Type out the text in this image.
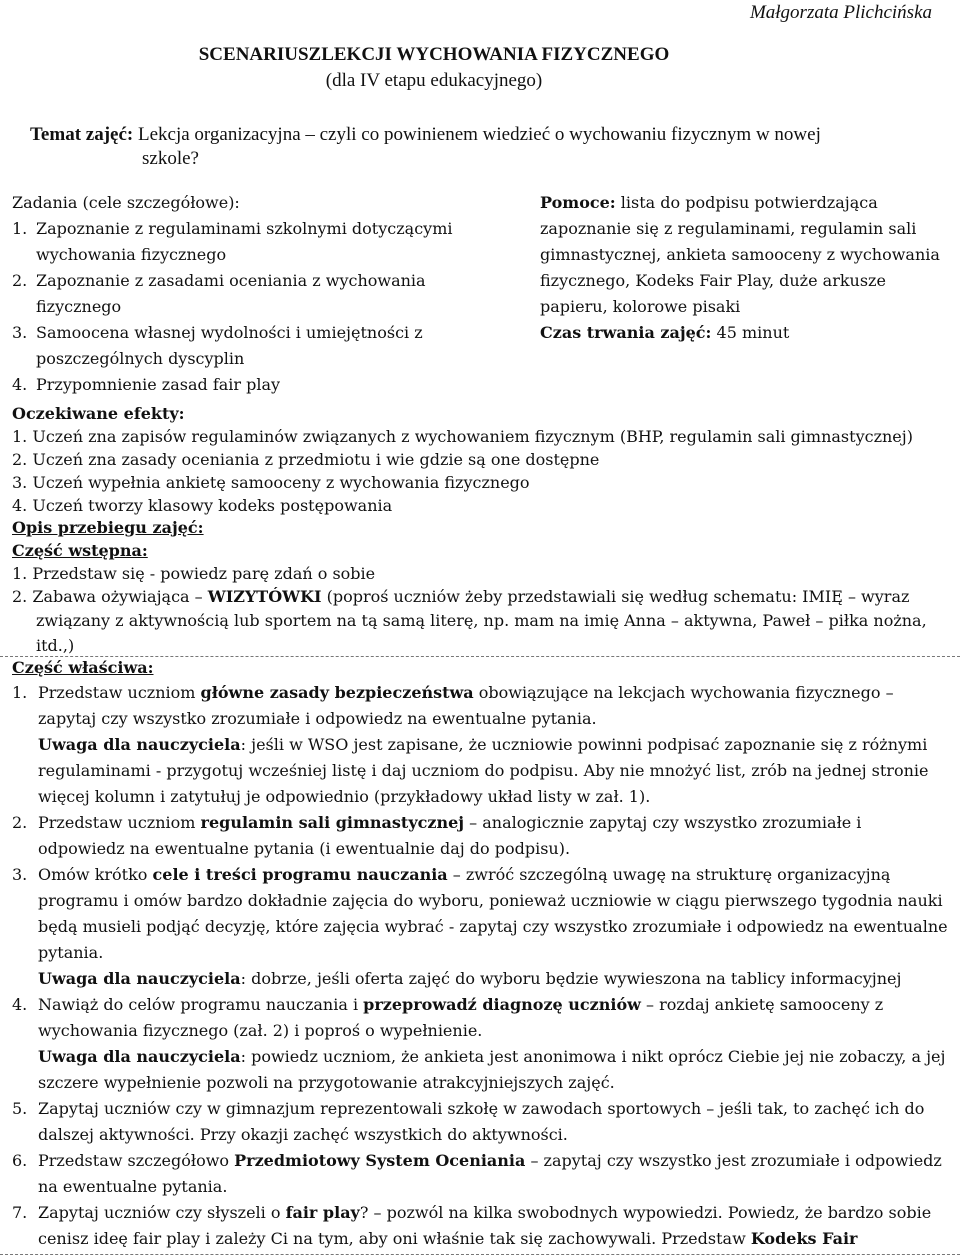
Małgorzata Plichcińska
SCENARIUSZLEKCJI WYCHOWANIA FIZYCZNEGO
(dla IV etapu edukacyjnego)
Temat zajęć: Lekcja organizacyjna – czyli co powinienem wiedzieć o wychowaniu fizycznym w nowej
szkole?
Zadania (cele szczegółowe):
1. Zapoznanie z regulaminami szkolnymi dotyczącymi wychowania fizycznego
2. Zapoznanie z zasadami oceniania z wychowania fizycznego
3. Samoocena własnej wydolności i umiejętności z poszczególnych dyscyplin
4. Przypomnienie zasad fair play
Pomoce: lista do podpisu potwierdzająca zapoznanie się z regulaminami, regulamin sali gimnastycznej, ankieta samooceny z wychowania fizycznego, Kodeks Fair Play, duże arkusze papieru, kolorowe pisaki
Czas trwania zajęć: 45 minut
Oczekiwane efekty:
1. Uczeń zna zapisów regulaminów związanych z wychowaniem fizycznym (BHP, regulamin sali gimnastycznej)
2. Uczeń zna zasady oceniania z przedmiotu i wie gdzie są one dostępne
3. Uczeń wypełnia ankietę samooceny z wychowania fizycznego
4. Uczeń tworzy klasowy kodeks postępowania
Opis przebiegu zajęć:
Część wstępna:
1. Przedstaw się - powiedz parę zdań o sobie
2. Zabawa ożywiająca – WIZYTÓWKI (poproś uczniów żeby przedstawiali się według schematu: IMIĘ – wyraz
związany z aktywnością lub sportem na tą samą literę, np. mam na imię Anna – aktywna, Paweł – piłka nożna, itd.,)
Część właściwa:
1. Przedstaw uczniom główne zasady bezpieczeństwa obowiązujące na lekcjach wychowania fizycznego – zapytaj czy wszystko zrozumiałe i odpowiedz na ewentualne pytania.
Uwaga dla nauczyciela: jeśli w WSO jest zapisane, że uczniowie powinni podpisać zapoznanie się z różnymi regulaminami - przygotuj wcześniej listę i daj uczniom do podpisu. Aby nie mnożyć list, zrób na jednej stronie więcej kolumn i zatytułuj je odpowiednio (przykładowy układ listy w zał. 1).
2. Przedstaw uczniom regulamin sali gimnastycznej – analogicznie zapytaj czy wszystko zrozumiałe i odpowiedz na ewentualne pytania (i ewentualnie daj do podpisu).
3. Omów krótko cele i treści programu nauczania – zwróć szczególną uwagę na strukturę organizacyjną programu i omów bardzo dokładnie zajęcia do wyboru, ponieważ uczniowie w ciągu pierwszego tygodnia nauki będą musieli podjąć decyzję, które zajęcia wybrać - zapytaj czy wszystko zrozumiałe i odpowiedz na ewentualne pytania.
Uwaga dla nauczyciela: dobrze, jeśli oferta zajęć do wyboru będzie wywieszona na tablicy informacyjnej
4. Nawiąż do celów programu nauczania i przeprowadź diagnozę uczniów – rozdaj ankietę samooceny z wychowania fizycznego (zał. 2) i poproś o wypełnienie.
Uwaga dla nauczyciela: powiedz uczniom, że ankieta jest anonimowa i nikt oprócz Ciebie jej nie zobaczy, a jej szczere wypełnienie pozwoli na przygotowanie atrakcyjniejszych zajęć.
5. Zapytaj uczniów czy w gimnazjum reprezentowali szkołę w zawodach sportowych – jeśli tak, to zachęć ich do dalszej aktywności. Przy okazji zachęć wszystkich do aktywności.
6. Przedstaw szczegółowo Przedmiotowy System Oceniania – zapytaj czy wszystko jest zrozumiałe i odpowiedz na ewentualne pytania.
7. Zapytaj uczniów czy słyszeli o fair play? – pozwól na kilka swobodnych wypowiedzi. Powiedz, że bardzo sobie cenisz ideę fair play i zależy Ci na tym, aby oni właśnie tak się zachowywali. Przedstaw Kodeks Fair
